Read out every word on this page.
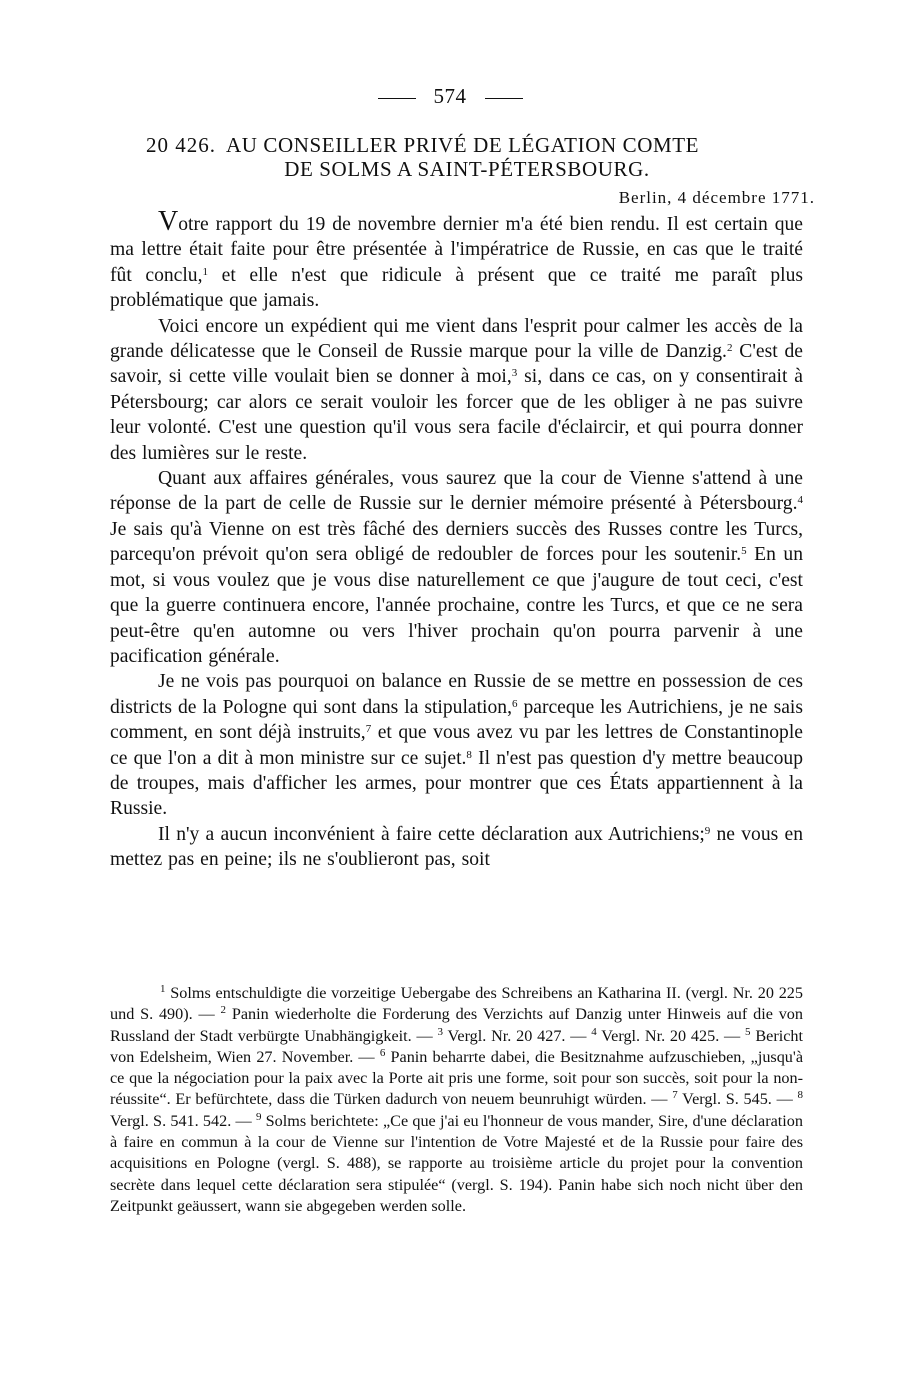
574
20 426. AU CONSEILLER PRIVÉ DE LÉGATION COMTE
DE SOLMS A SAINT-PÉTERSBOURG.
Berlin, 4 décembre 1771.

Votre rapport du 19 de novembre dernier m'a été bien rendu. Il est certain que ma lettre était faite pour être présentée à l'impératrice de Russie, en cas que le traité fût conclu,$^1$ et elle n'est que ridicule à présent que ce traité me paraît plus problématique que jamais.

Voici encore un expédient qui me vient dans l'esprit pour calmer les accès de la grande délicatesse que le Conseil de Russie marque pour la ville de Danzig.$^2$ C'est de savoir, si cette ville voulait bien se donner à moi,$^3$ si, dans ce cas, on y consentirait à Pétersbourg; car alors ce serait vouloir les forcer que de les obliger à ne pas suivre leur volonté. C'est une question qu'il vous sera facile d'éclaircir, et qui pourra donner des lumières sur le reste.

Quant aux affaires générales, vous saurez que la cour de Vienne s'attend à une réponse de la part de celle de Russie sur le dernier mémoire présenté à Pétersbourg.$^4$ Je sais qu'à Vienne on est très fâché des derniers succès des Russes contre les Turcs, parcequ'on prévoit qu'on sera obligé de redoubler de forces pour les soutenir.$^5$ En un mot, si vous voulez que je vous dise naturellement ce que j'augure de tout ceci, c'est que la guerre continuera encore, l'année prochaine, contre les Turcs, et que ce ne sera peut-être qu'en automne ou vers l'hiver prochain qu'on pourra parvenir à une pacification générale.

Je ne vois pas pourquoi on balance en Russie de se mettre en possession de ces districts de la Pologne qui sont dans la stipulation,$^6$ parceque les Autrichiens, je ne sais comment, en sont déjà instruits,$^7$ et que vous avez vu par les lettres de Constantinople ce que l'on a dit à mon ministre sur ce sujet.$^8$ Il n'est pas question d'y mettre beaucoup de troupes, mais d'afficher les armes, pour montrer que ces États appartiennent à la Russie.

Il n'y a aucun inconvénient à faire cette déclaration aux Autrichiens;$^9$ ne vous en mettez pas en peine; ils ne s'oublieront pas, soit

$^1$ Solms entschuldigte die vorzeitige Uebergabe des Schreibens an Katharina II. (vergl. Nr. 20 225 und S. 490). — $^2$ Panin wiederholte die Forderung des Verzichts auf Danzig unter Hinweis auf die von Russland der Stadt verbürgte Unabhängigkeit. — $^3$ Vergl. Nr. 20 427. — $^4$ Vergl. Nr. 20 425. — $^5$ Bericht von Edelsheim, Wien 27. November. — $^6$ Panin beharrte dabei, die Besitznahme aufzuschieben, „jusqu'à ce que la négociation pour la paix avec la Porte ait pris une forme, soit pour son succès, soit pour la non-réussite“. Er befürchtete, dass die Türken dadurch von neuem beunruhigt würden. — $^7$ Vergl. S. 545. — $^8$ Vergl. S. 541. 542. — $^9$ Solms berichtete: „Ce que j'ai eu l'honneur de vous mander, Sire, d'une déclaration à faire en commun à la cour de Vienne sur l'intention de Votre Majesté et de la Russie pour faire des acquisitions en Pologne (vergl. S. 488), se rapporte au troisième article du projet pour la convention secrète dans lequel cette déclaration sera stipulée“ (vergl. S. 194). Panin habe sich noch nicht über den Zeitpunkt geäussert, wann sie abgegeben werden solle.
